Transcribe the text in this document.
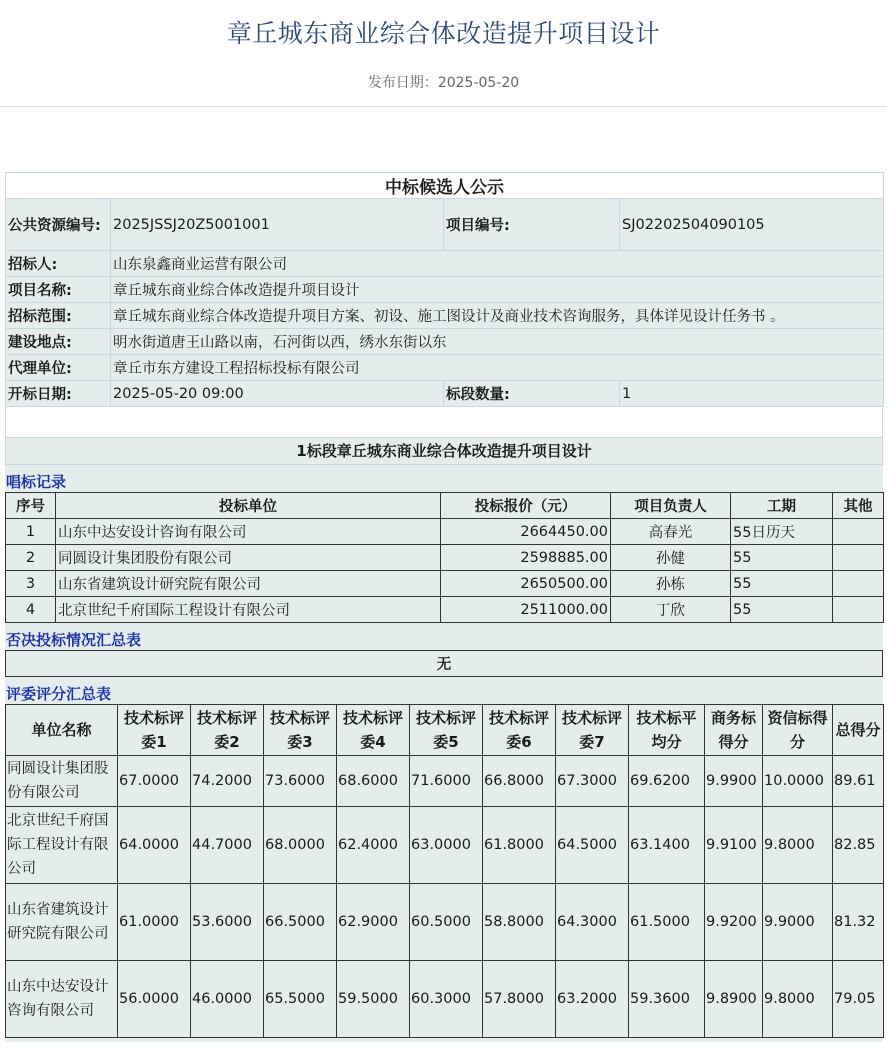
章丘城东商业综合体改造提升项目设计
发布日期：2025-05-20
中标候选人公示			
公共资源编号:	2025JSSJ20Z5001001	项目编号:	SJ02202504090105
招标人:	山东泉鑫商业运营有限公司		
项目名称:	章丘城东商业综合体改造提升项目设计		
招标范围:	章丘城东商业综合体改造提升项目方案、初设、施工图设计及商业技术咨询服务，具体详见设计任务书 。		
建设地点:	明水街道唐王山路以南，石河街以西，绣水东街以东		
代理单位:	章丘市东方建设工程招标投标有限公司		
开标日期:	2025-05-20 09:00	标段数量:	1
1标段章丘城东商业综合体改造提升项目设计
唱标记录
序号	投标单位	投标报价（元）	项目负责人	工期	其他
1	山东中达安设计咨询有限公司	2664450.00	高春光	55日历天	
2	同圆设计集团股份有限公司	2598885.00	孙健	55	
3	山东省建筑设计研究院有限公司	2650500.00	孙栋	55	
4	北京世纪千府国际工程设计有限公司	2511000.00	丁欣	55	
否决投标情况汇总表
无
评委评分汇总表
单位名称	技术标评委1	技术标评委2	技术标评委3	技术标评委4	技术标评委5	技术标评委6	技术标评委7	技术标平均分	商务标得分	资信标得分	总得分
同圆设计集团股份有限公司	67.0000	74.2000	73.6000	68.6000	71.6000	66.8000	67.3000	69.6200	9.9900	10.0000	89.61
北京世纪千府国际工程设计有限公司	64.0000	44.7000	68.0000	62.4000	63.0000	61.8000	64.5000	63.1400	9.9100	9.8000	82.85
山东省建筑设计研究院有限公司	61.0000	53.6000	66.5000	62.9000	60.5000	58.8000	64.3000	61.5000	9.9200	9.9000	81.32
山东中达安设计咨询有限公司	56.0000	46.0000	65.5000	59.5000	60.3000	57.8000	63.2000	59.3600	9.8900	9.8000	79.05
